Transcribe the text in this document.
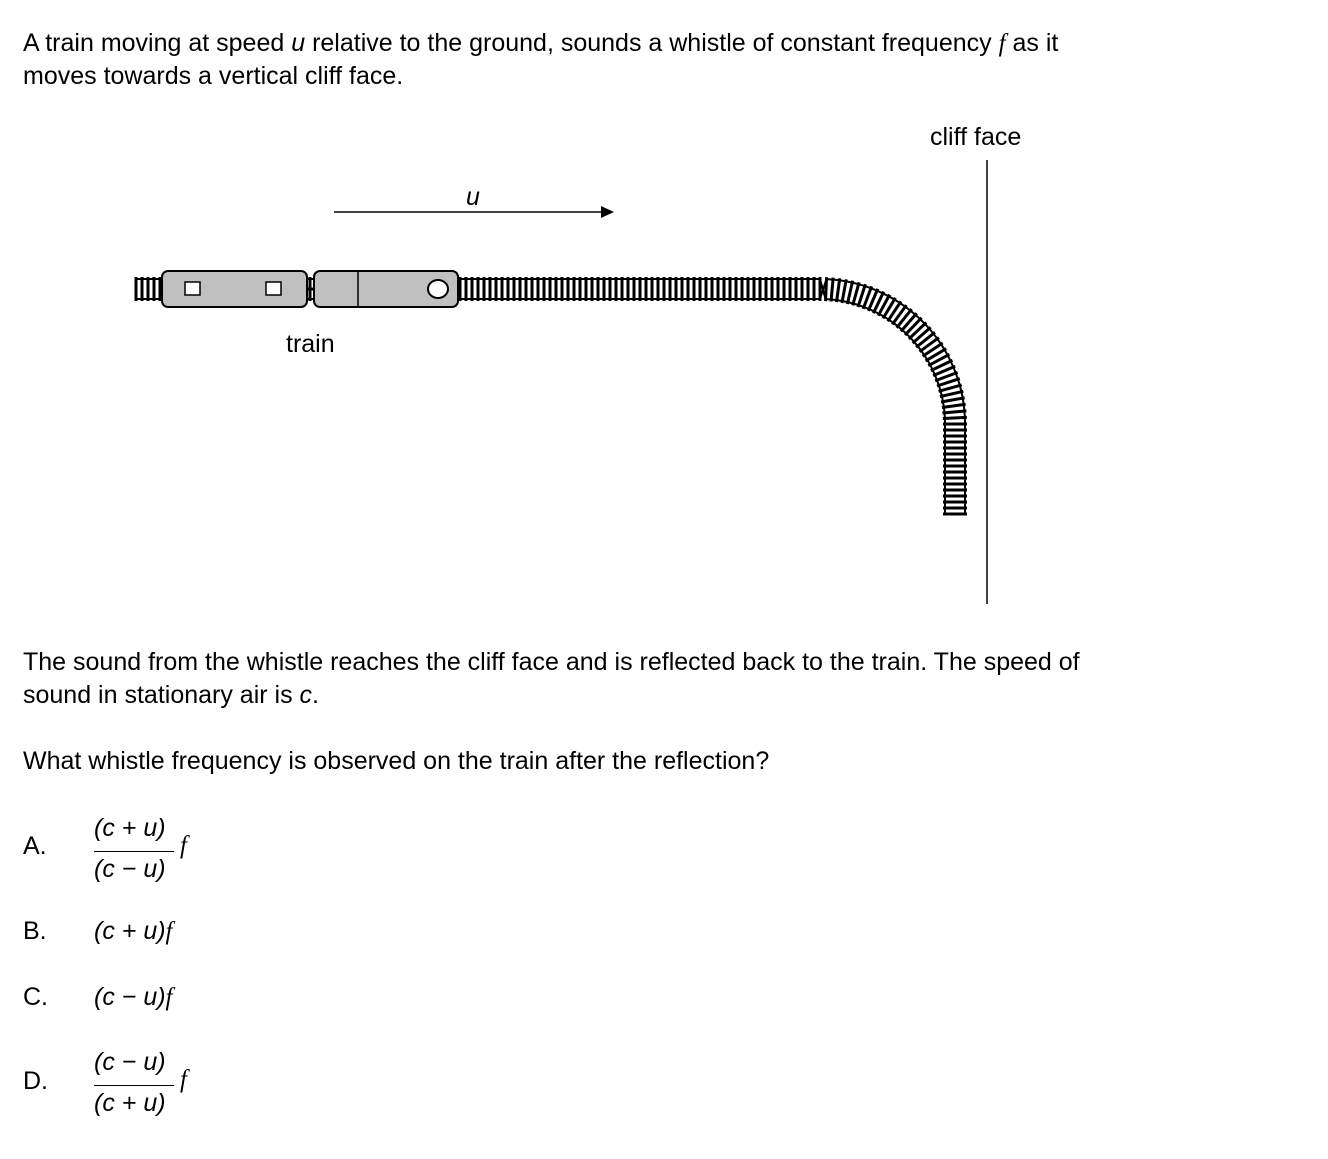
A train moving at speed u relative to the ground, sounds a whistle of constant frequency f as it
moves towards a vertical cliff face.

cliff face
u
train

The sound from the whistle reaches the cliff face and is reflected back to the train. The speed of
sound in stationary air is c.

What whistle frequency is observed on the train after the reflection?

A.
(c + u)
(c − u)
f
B. (c + u)f
C. (c − u)f
D.
(c − u)
(c + u)
f
